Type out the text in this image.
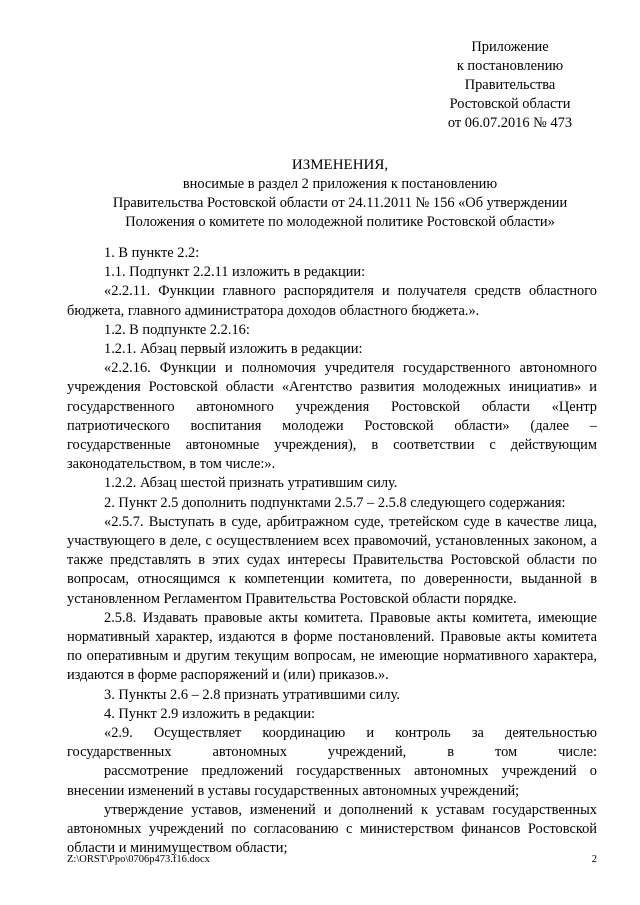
Приложение
к постановлению
Правительства
Ростовской области
от 06.07.2016 № 473
ИЗМЕНЕНИЯ,
вносимые в раздел 2 приложения к постановлению
Правительства Ростовской области от 24.11.2011 № 156 «Об утверждении
Положения о комитете по молодежной политике Ростовской области»

1. В пункте 2.2:

1.1. Подпункт 2.2.11 изложить в редакции:

«2.2.11. Функции главного распорядителя и получателя средств областного бюджета, главного администратора доходов областного бюджета.».

1.2. В подпункте 2.2.16:

1.2.1. Абзац первый изложить в редакции:

«2.2.16. Функции и полномочия учредителя государственного автономного учреждения Ростовской области «Агентство развития молодежных инициатив» и государственного автономного учреждения Ростовской области «Центр патриотического воспитания молодежи Ростовской области» (далее – государственные автономные учреждения), в соответствии с действующим законодательством, в том числе:».

1.2.2. Абзац шестой признать утратившим силу.

2. Пункт 2.5 дополнить подпунктами 2.5.7 – 2.5.8 следующего содержания:

«2.5.7. Выступать в суде, арбитражном суде, третейском суде в качестве лица, участвующего в деле, с осуществлением всех правомочий, установленных законом, а также представлять в этих судах интересы Правительства Ростовской области по вопросам, относящимся к компетенции комитета, по доверенности, выданной в установленном Регламентом Правительства Ростовской области порядке.

2.5.8. Издавать правовые акты комитета. Правовые акты комитета, имеющие нормативный характер, издаются в форме постановлений. Правовые акты комитета по оперативным и другим текущим вопросам, не имеющие нормативного характера, издаются в форме распоряжений и (или) приказов.».

3. Пункты 2.6 – 2.8 признать утратившими силу.

4. Пункт 2.9 изложить в редакции:

«2.9. Осуществляет координацию и контроль за деятельностью государственных автономных учреждений, в том числе:

рассмотрение предложений государственных автономных учреждений о внесении изменений в уставы государственных автономных учреждений;

утверждение уставов, изменений и дополнений к уставам государственных автономных учреждений по согласованию с министерством финансов Ростовской области и минимуществом области;

Z:\ORST\Ppo\0706p473.f16.docx	2
